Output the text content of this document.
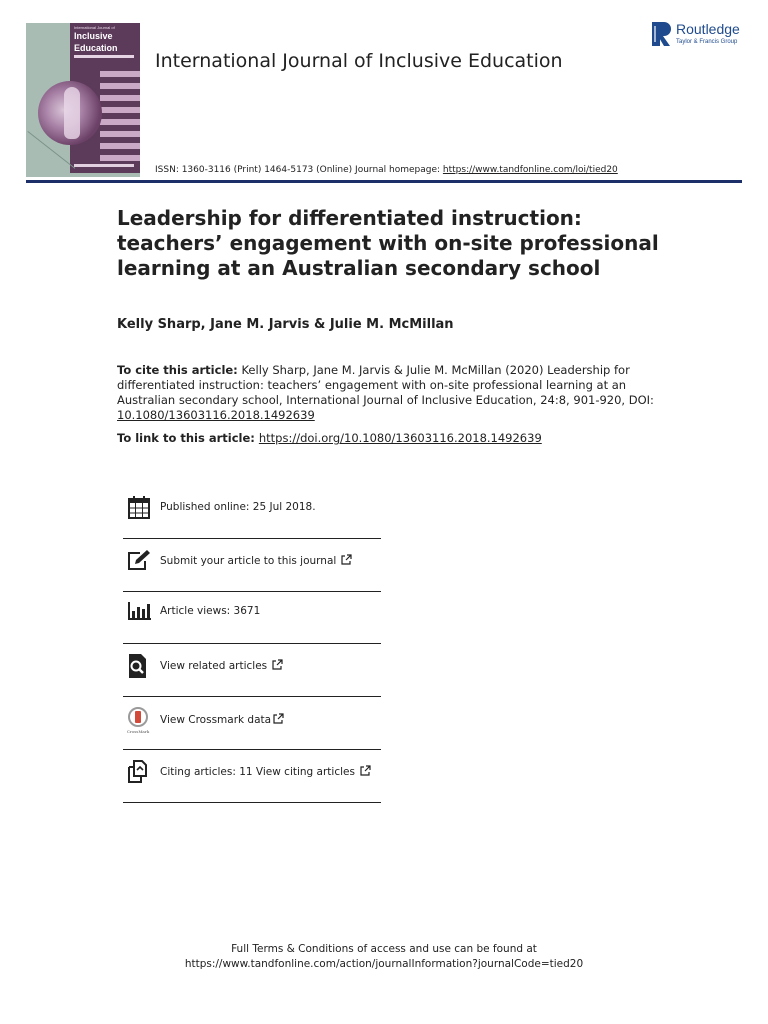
International Journal of
Inclusive
Education
International Journal of Inclusive Education
ISSN: 1360-3116 (Print) 1464-5173 (Online) Journal homepage: https://www.tandfonline.com/loi/tied20
Routledge
Taylor & Francis Group
Leadership for differentiated instruction: teachers’ engagement with on-site professional learning at an Australian secondary school
Kelly Sharp, Jane M. Jarvis & Julie M. McMillan
To cite this article: Kelly Sharp, Jane M. Jarvis & Julie M. McMillan (2020) Leadership for differentiated instruction: teachers’ engagement with on-site professional learning at an Australian secondary school, International Journal of Inclusive Education, 24:8, 901-920, DOI: 10.1080/13603116.2018.1492639
To link to this article: https://doi.org/10.1080/13603116.2018.1492639
Published online: 25 Jul 2018.
Submit your article to this journal
Article views: 3671
View related articles
CrossMark
View Crossmark data
Citing articles: 11 View citing articles
Full Terms & Conditions of access and use can be found at
https://www.tandfonline.com/action/journalInformation?journalCode=tied20
